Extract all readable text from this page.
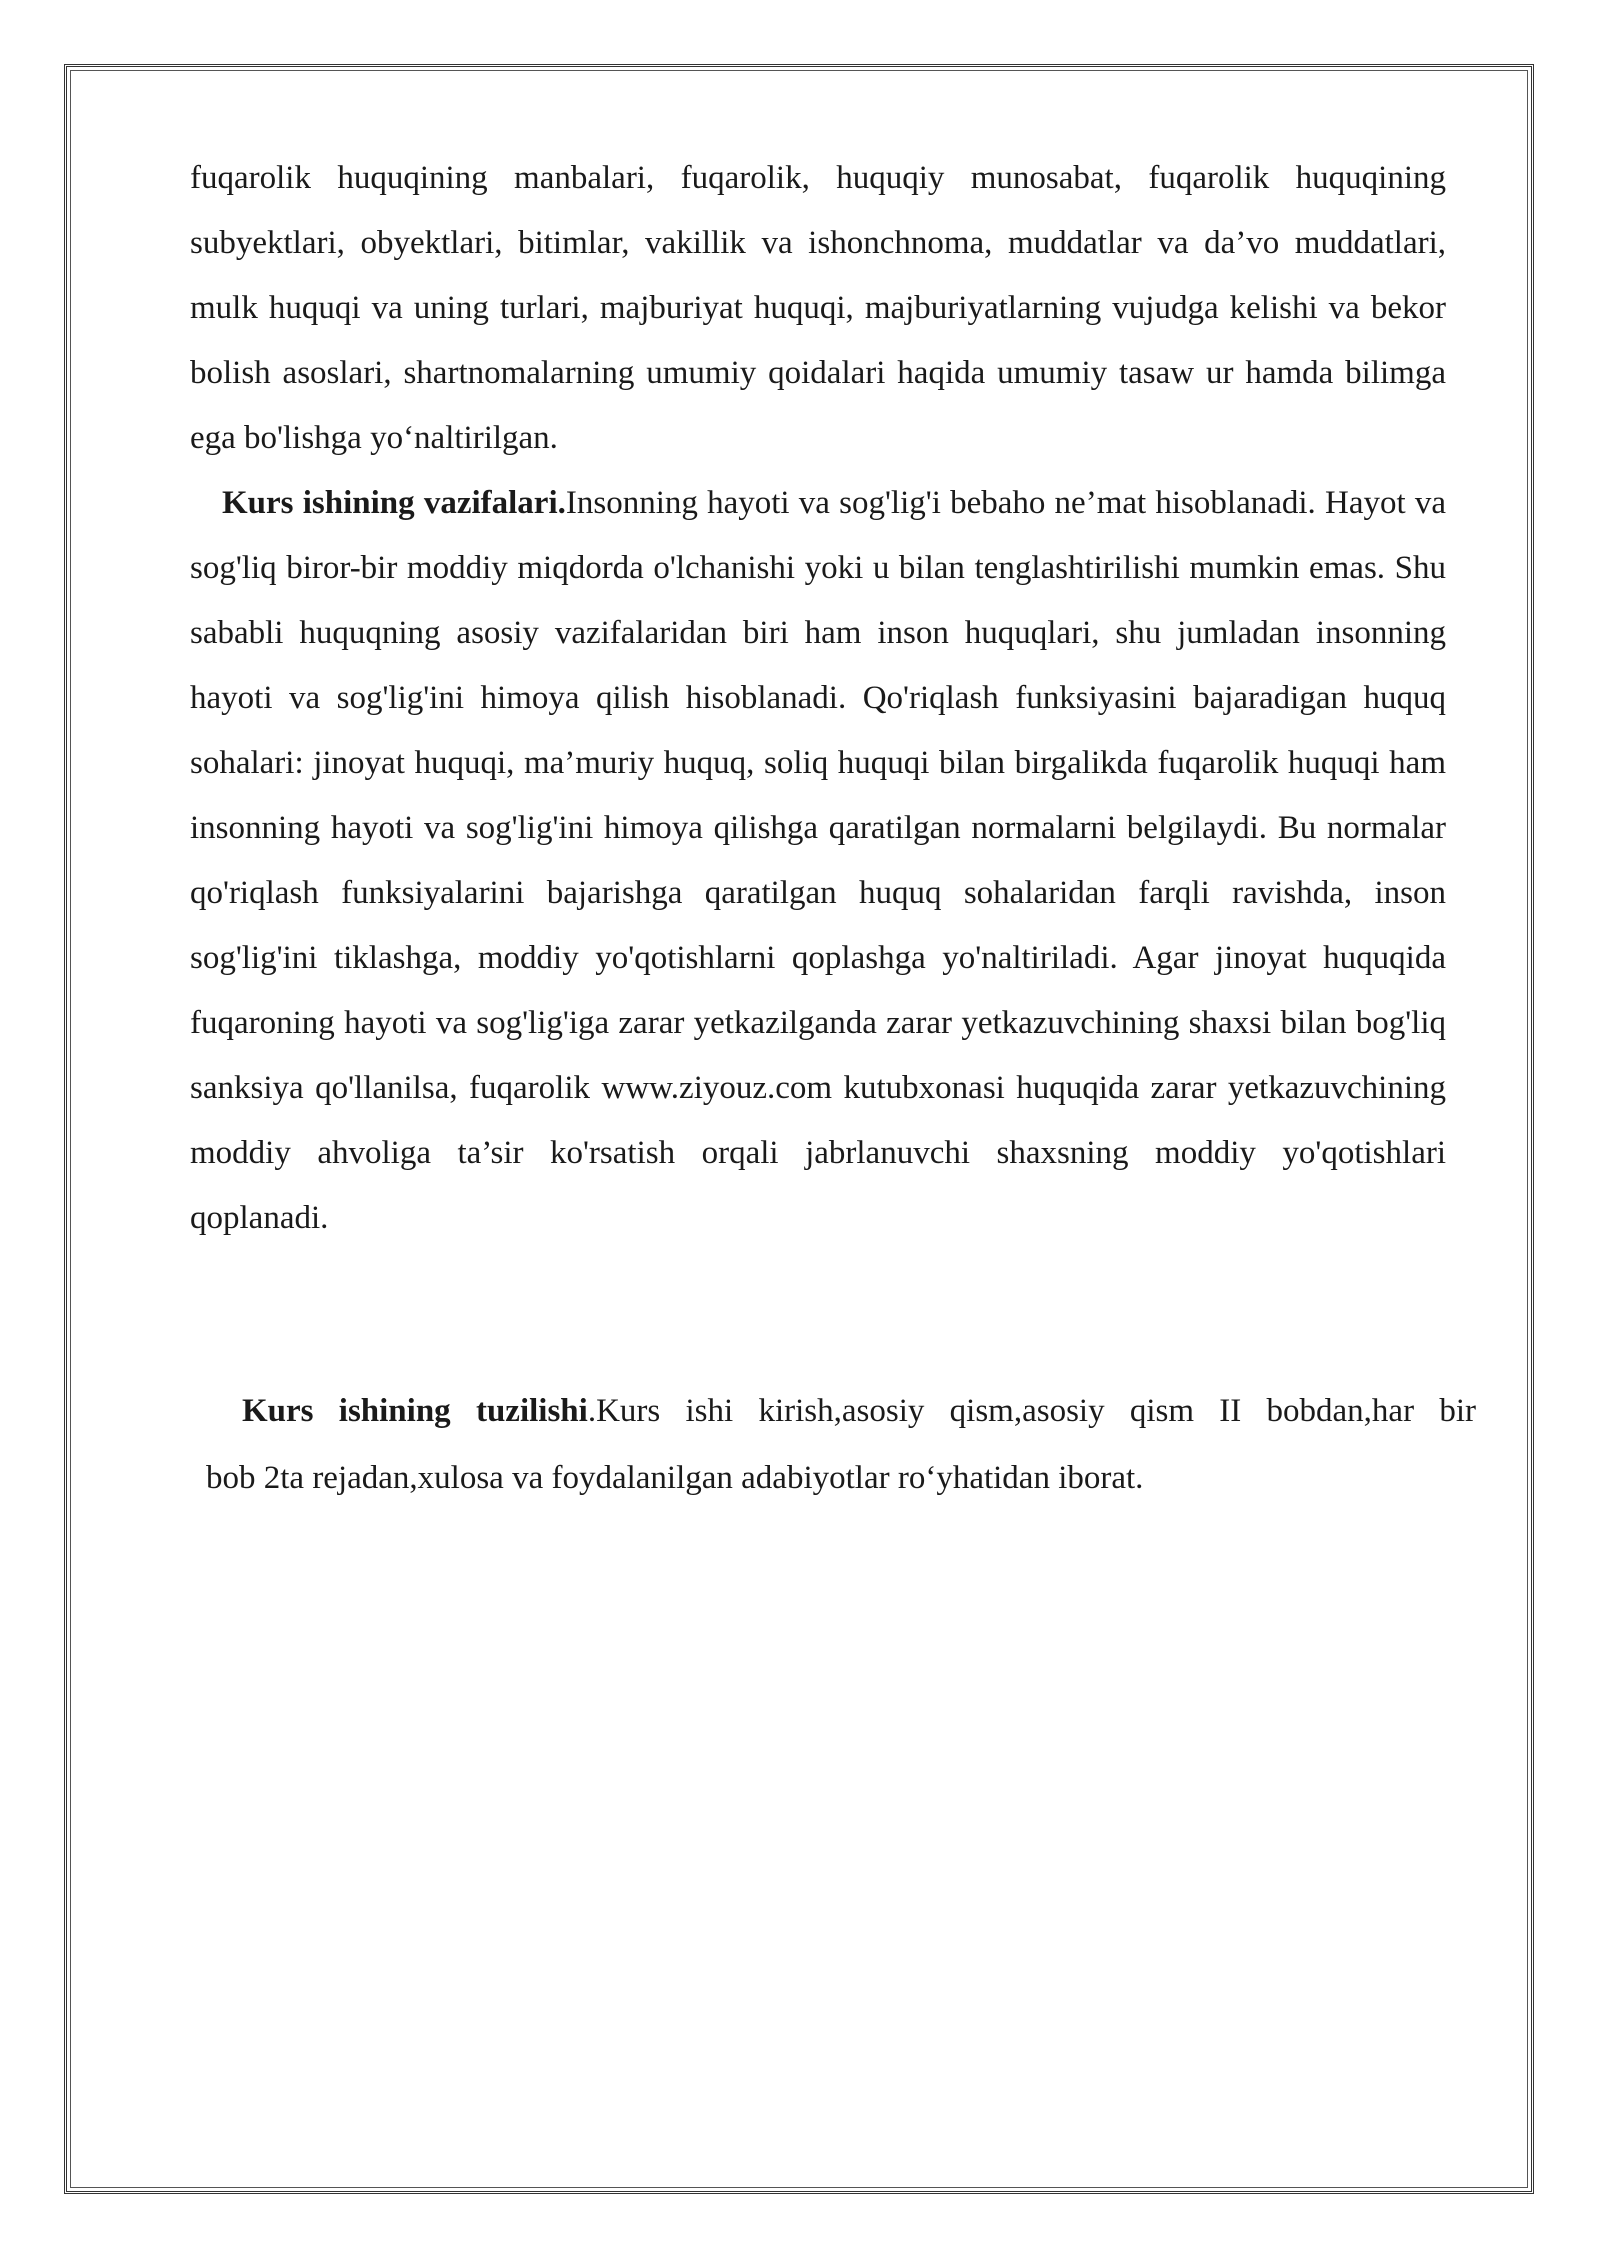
fuqarolik huquqining manbalari, fuqarolik, huquqiy munosabat, fuqarolik huquqining subyektlari, obyektlari, bitimlar, vakillik va ishonchnoma, muddatlar va da’vo muddatlari, mulk huquqi va uning turlari, majburiyat huquqi, majburiyatlarning vujudga kelishi va bekor bolish asoslari, shartnomalarning umumiy qoidalari haqida umumiy tasaw ur hamda bilimga ega bo'lishga yo‘naltirilgan.

Kurs ishining vazifalari.Insonning hayoti va sog'lig'i bebaho ne’mat hisoblanadi. Hayot va sog'liq biror-bir moddiy miqdorda o'lchanishi yoki u bilan tenglashtirilishi mumkin emas. Shu sababli huquqning asosiy vazifalaridan biri ham inson huquqlari, shu jumladan insonning hayoti va sog'lig'ini himoya qilish hisoblanadi. Qo'riqlash funksiyasini bajaradigan huquq sohalari: jinoyat huquqi, ma’muriy huquq, soliq huquqi bilan birgalikda fuqarolik huquqi ham insonning hayoti va sog'lig'ini himoya qilishga qaratilgan normalarni belgilaydi. Bu normalar qo'riqlash funksiyalarini bajarishga qaratilgan huquq sohalaridan farqli ravishda, inson sog'lig'ini tiklashga, moddiy yo'qotishlarni qoplashga yo'naltiriladi. Agar jinoyat huquqida fuqaroning hayoti va sog'lig'iga zarar yetkazilganda zarar yetkazuvchining shaxsi bilan bog'liq sanksiya qo'llanilsa, fuqarolik www.ziyouz.com kutubxonasi huquqida zarar yetkazuvchining moddiy ahvoliga ta’sir ko'rsatish orqali jabrlanuvchi shaxsning moddiy yo'qotishlari qoplanadi.

Kurs ishining tuzilishi.Kurs ishi kirish,asosiy qism,asosiy qism II bobdan,har bir

bob 2ta rejadan,xulosa va foydalanilgan adabiyotlar ro‘yhatidan iborat.
